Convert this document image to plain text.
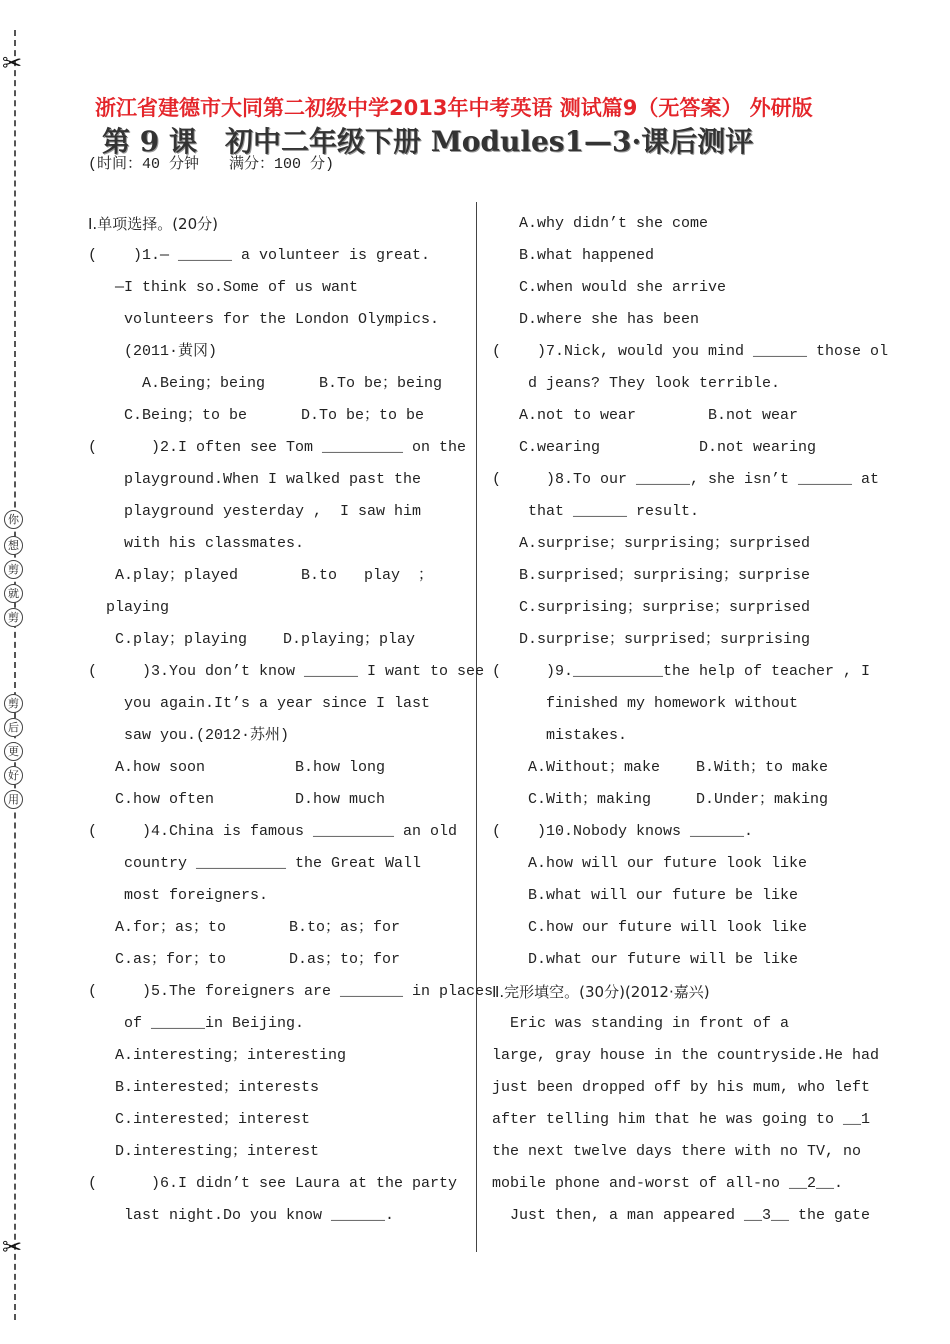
✂
✂
你
想
剪
就
剪
剪
后
更
好
用
浙江省建德市大同第二初级中学2013年中考英语 测试篇9（无答案） 外研版
第 9 课　初中二年级下册 Modules1—3·课后测评
(时间：40 分钟　　满分：100 分)
Ⅰ.单项选择。(20分)
(    )1.— ______ a volunteer is great.
—I think so.Some of us want
volunteers for the London Olympics.
(2011·黄冈)
A.Being；being      B.To be；being
C.Being；to be      D.To be；to be
(      )2.I often see Tom _________ on the
playground.When I walked past the
playground yesterday ,  I saw him
with his classmates.
A.play；played       B.to   play  ；
playing
C.play；playing    D.playing；play
(     )3.You don’t know ______ I want to see
you again.It’s a year since I last
saw you.(2012·苏州)
A.how soon          B.how long
C.how often         D.how much
(     )4.China is famous _________ an old
country __________ the Great Wall
most foreigners.
A.for；as；to       B.to；as；for
C.as；for；to       D.as；to；for
(     )5.The foreigners are _______ in places
of ______in Beijing.
A.interesting；interesting
B.interested；interests
C.interested；interest
D.interesting；interest
(      )6.I didn’t see Laura at the party
last night.Do you know ______.
A.why didn’t she come
B.what happened
C.when would she arrive
D.where she has been
(    )7.Nick, would you mind ______ those ol
d jeans? They look terrible.
A.not to wear        B.not wear
C.wearing           D.not wearing
(     )8.To our ______, she isn’t ______ at
that ______ result.
A.surprise；surprising；surprised
B.surprised；surprising；surprise
C.surprising；surprise；surprised
D.surprise；surprised；surprising
(     )9.__________the help of teacher , I
finished my homework without
mistakes.
A.Without；make    B.With；to make
C.With；making     D.Under；making
(    )10.Nobody knows ______.
A.how will our future look like
B.what will our future be like
C.how our future will look like
D.what our future will be like
Ⅱ.完形填空。(30分)(2012·嘉兴)
Eric was standing in front of a
large, gray house in the countryside.He had
just been dropped off by his mum, who left
after telling him that he was going to __1
the next twelve days there with no TV, no
mobile phone and-worst of all-no __2__.
Just then, a man appeared __3__ the gate
